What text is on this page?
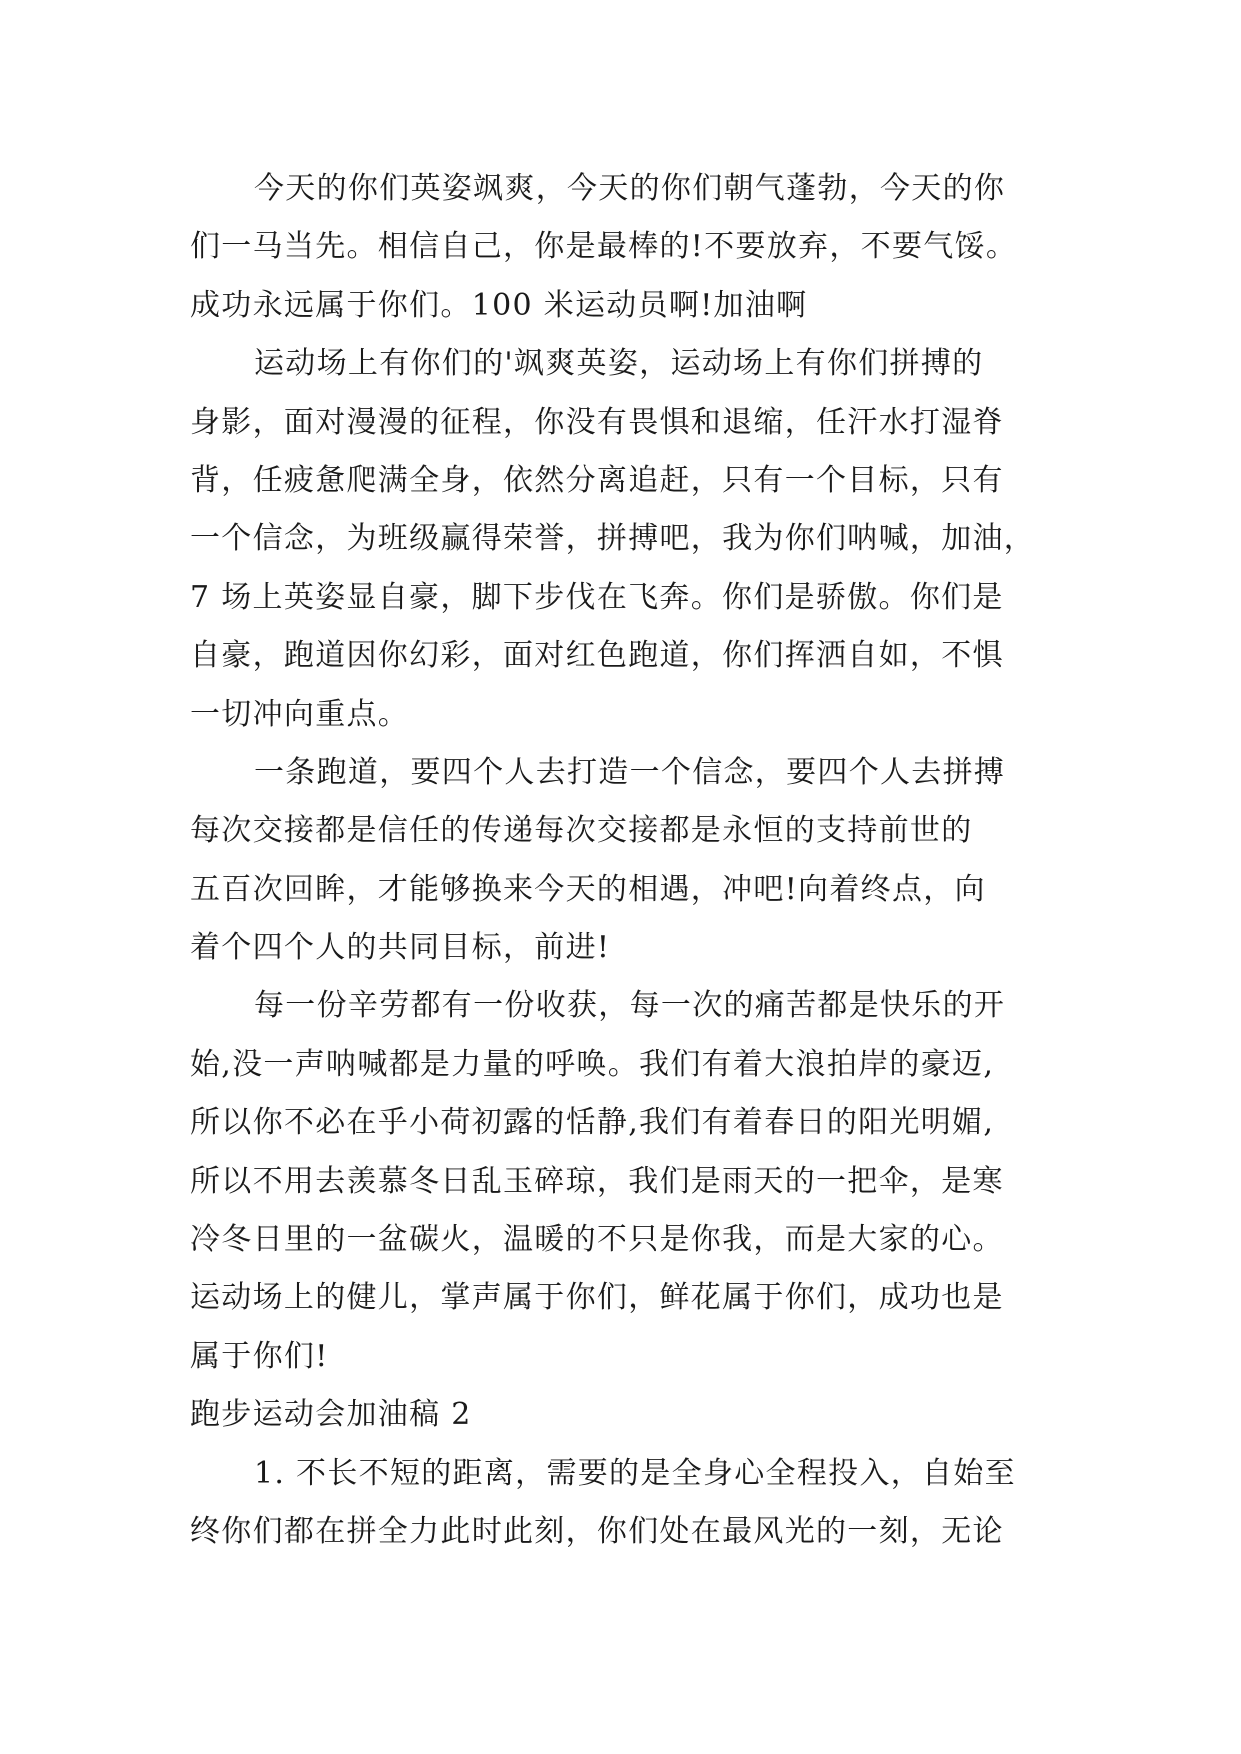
今天的你们英姿飒爽，今天的你们朝气蓬勃，今天的你
们一马当先。相信自己，你是最棒的!不要放弃，不要气馁。
成功永远属于你们。100 米运动员啊!加油啊
运动场上有你们的'飒爽英姿，运动场上有你们拼搏的
身影，面对漫漫的征程，你没有畏惧和退缩，任汗水打湿脊
背，任疲惫爬满全身，依然分离追赶，只有一个目标，只有
一个信念，为班级赢得荣誉，拼搏吧，我为你们呐喊，加油，
7 场上英姿显自豪，脚下步伐在飞奔。你们是骄傲。你们是
自豪，跑道因你幻彩，面对红色跑道，你们挥洒自如，不惧
一切冲向重点。
一条跑道，要四个人去打造一个信念，要四个人去拼搏
每次交接都是信任的传递每次交接都是永恒的支持前世的
五百次回眸，才能够换来今天的相遇，冲吧!向着终点，向
着个四个人的共同目标，前进!
每一份辛劳都有一份收获，每一次的痛苦都是快乐的开
始,没一声呐喊都是力量的呼唤。我们有着大浪拍岸的豪迈,
所以你不必在乎小荷初露的恬静,我们有着春日的阳光明媚,
所以不用去羡慕冬日乱玉碎琼，我们是雨天的一把伞，是寒
冷冬日里的一盆碳火，温暖的不只是你我，而是大家的心。
运动场上的健儿，掌声属于你们，鲜花属于你们，成功也是
属于你们!
跑步运动会加油稿 2
1. 不长不短的距离，需要的是全身心全程投入，自始至
终你们都在拼全力此时此刻，你们处在最风光的一刻，无论
